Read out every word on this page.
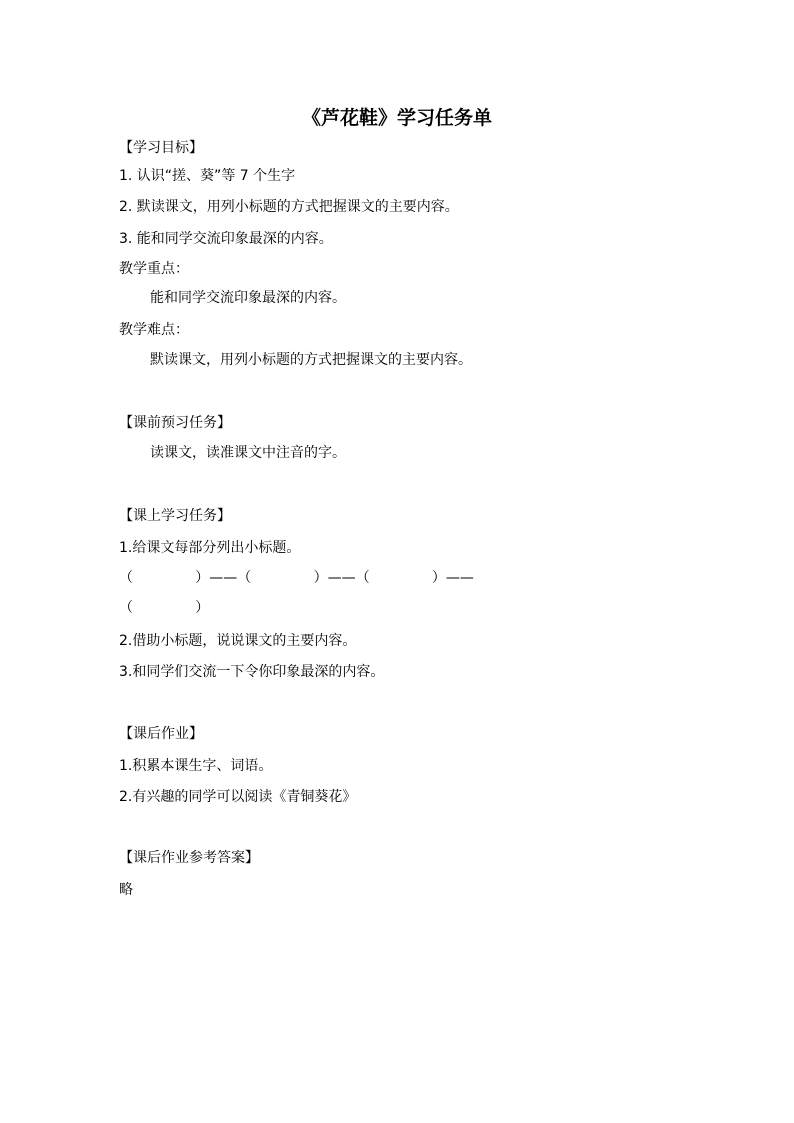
《芦花鞋》学习任务单
【学习目标】
1. 认识“搓、葵”等 7 个生字
2. 默读课文，用列小标题的方式把握课文的主要内容。
3. 能和同学交流印象最深的内容。
教学重点：
能和同学交流印象最深的内容。
教学难点：
默读课文，用列小标题的方式把握课文的主要内容。
【课前预习任务】
读课文，读准课文中注音的字。
【课上学习任务】
1.给课文每部分列出小标题。
（              ）——（              ）——（              ）——
（              ）
2.借助小标题，说说课文的主要内容。
3.和同学们交流一下令你印象最深的内容。
【课后作业】
1.积累本课生字、词语。
2.有兴趣的同学可以阅读《青铜葵花》
【课后作业参考答案】
略
